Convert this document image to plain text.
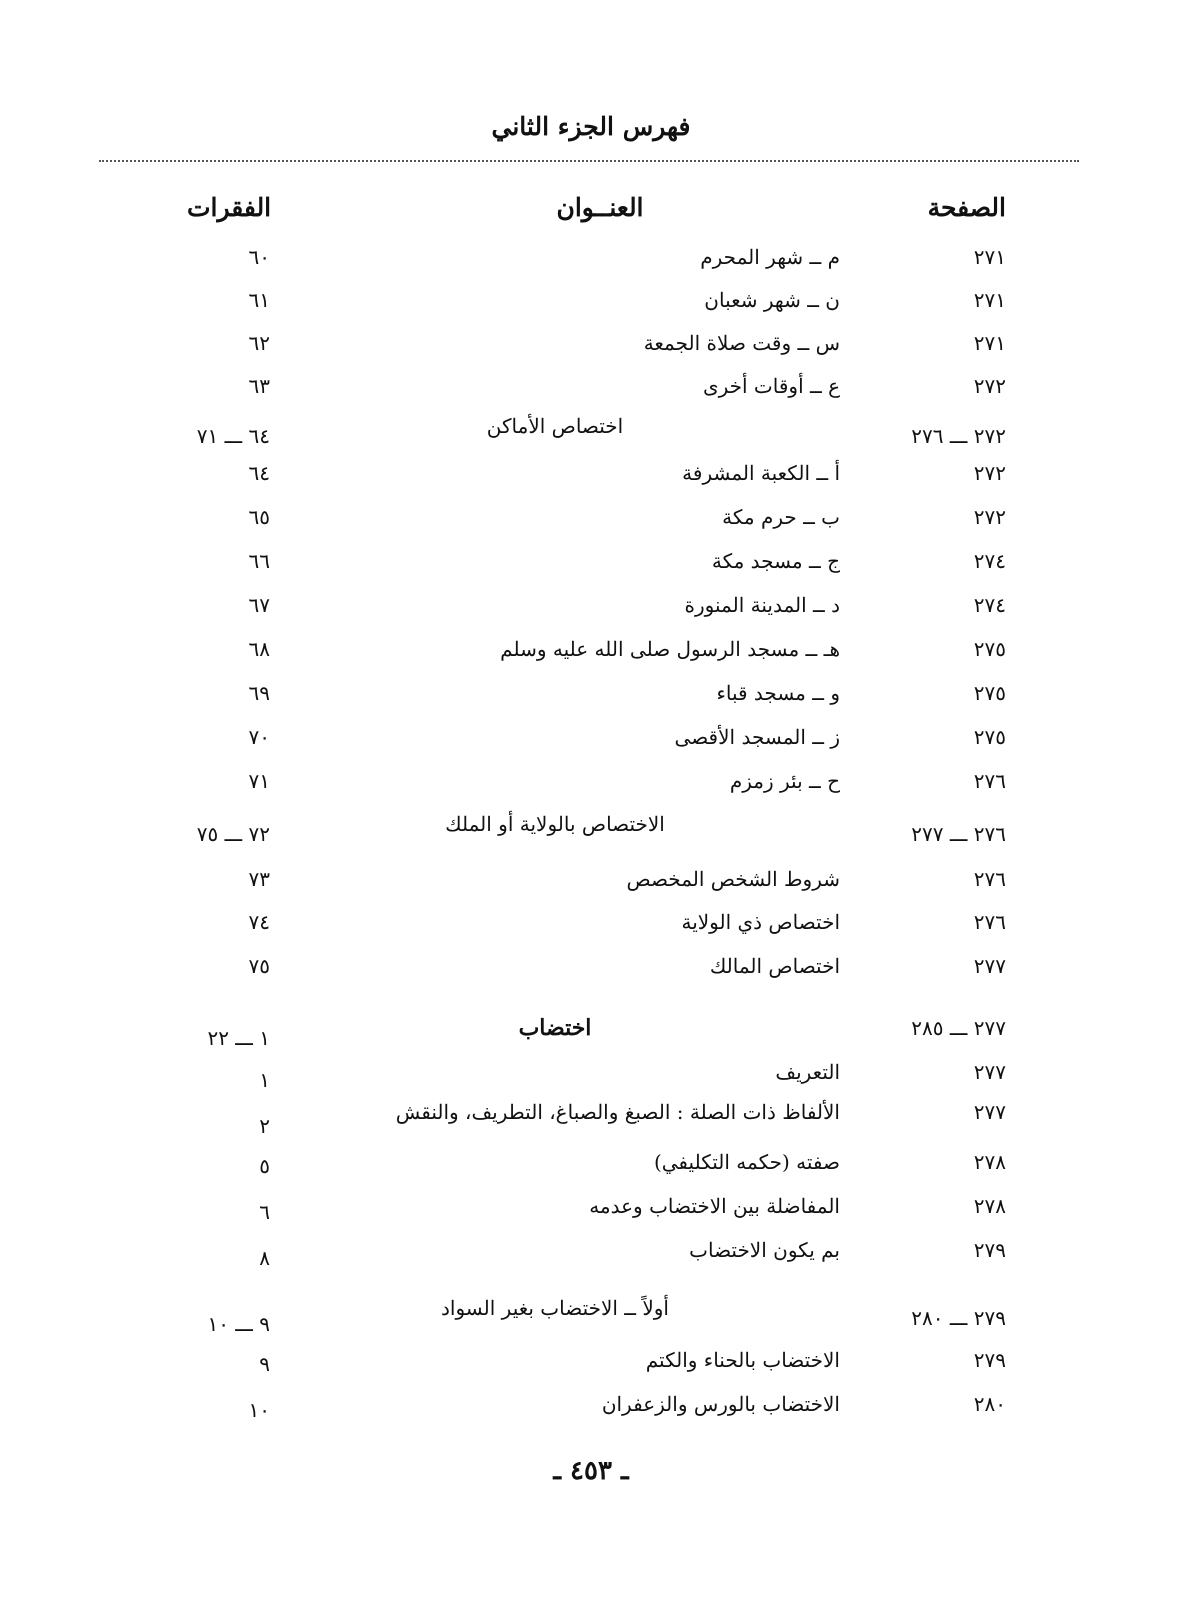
فهرس الجزء الثاني
الصفحة
العنــوان
الفقرات
٢٧١
م ــ شهر المحرم
٦٠
٢٧١
ن ــ شهر شعبان
٦١
٢٧١
س ــ وقت صلاة الجمعة
٦٢
٢٧٢
ع ــ أوقات أخرى
٦٣
٢٧٢ ـــ ٢٧٦
اختصاص الأماكن
٦٤ ـــ ٧١
٢٧٢
أ ــ الكعبة المشرفة
٦٤
٢٧٢
ب ــ حرم مكة
٦٥
٢٧٤
ج ــ مسجد مكة
٦٦
٢٧٤
د ــ المدينة المنورة
٦٧
٢٧٥
هـ ــ مسجد الرسول صلى الله عليه وسلم
٦٨
٢٧٥
و ــ مسجد قباء
٦٩
٢٧٥
ز ــ المسجد الأقصى
٧٠
٢٧٦
ح ــ بئر زمزم
٧١
٢٧٦ ـــ ٢٧٧
الاختصاص بالولاية أو الملك
٧٢ ـــ ٧٥
٢٧٦
شروط الشخص المخصص
٧٣
٢٧٦
اختصاص ذي الولاية
٧٤
٢٧٧
اختصاص المالك
٧٥
٢٧٧ ـــ ٢٨٥
اختضاب
١ ـــ ٢٢
٢٧٧
التعريف
١
٢٧٧
الألفاظ ذات الصلة : الصبغ والصباغ، التطريف، والنقش
٢
٢٧٨
صفته (حكمه التكليفي)
٥
٢٧٨
المفاضلة بين الاختضاب وعدمه
٦
٢٧٩
بم يكون الاختضاب
٨
٢٧٩ ـــ ٢٨٠
أولاً ــ الاختضاب بغير السواد
٩ ـــ ١٠
٢٧٩
الاختضاب بالحناء والكتم
٩
٢٨٠
الاختضاب بالورس والزعفران
١٠
ـ ٤٥٣ ـ
